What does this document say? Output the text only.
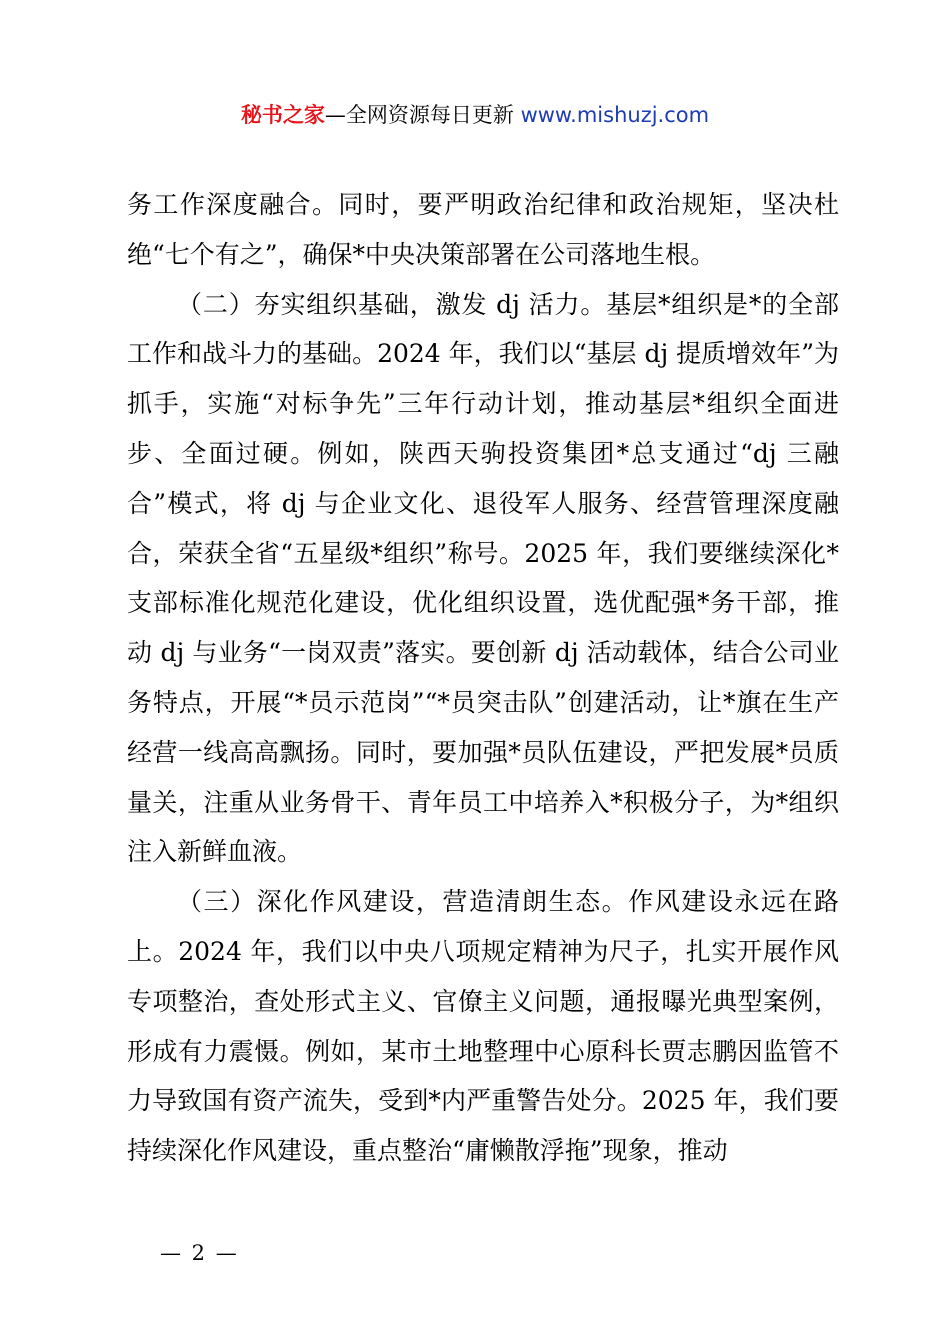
秘书之家—全网资源每日更新 www.mishuzj.com

务工作深度融合。同时，要严明政治纪律和政治规矩，坚决杜绝“七个有之”，确保*中央决策部署在公司落地生根。

（二）夯实组织基础，激发 dj 活力。基层*组织是*的全部工作和战斗力的基础。2024 年，我们以“基层 dj 提质增效年”为抓手，实施“对标争先”三年行动计划，推动基层*组织全面进步、全面过硬。例如，陕西天驹投资集团*总支通过“dj 三融合”模式，将 dj 与企业文化、退役军人服务、经营管理深度融合，荣获全省“五星级*组织”称号。2025 年，我们要继续深化*支部标准化规范化建设，优化组织设置，选优配强*务干部，推动 dj 与业务“一岗双责”落实。要创新 dj 活动载体，结合公司业务特点，开展“*员示范岗”“*员突击队”创建活动，让*旗在生产经营一线高高飘扬。同时，要加强*员队伍建设，严把发展*员质量关，注重从业务骨干、青年员工中培养入*积极分子，为*组织注入新鲜血液。

（三）深化作风建设，营造清朗生态。作风建设永远在路上。2024 年，我们以中央八项规定精神为尺子，扎实开展作风专项整治，查处形式主义、官僚主义问题，通报曝光典型案例，形成有力震慑。例如，某市土地整理中心原科长贾志鹏因监管不力导致国有资产流失，受到*内严重警告处分。2025 年，我们要持续深化作风建设，重点整治“庸懒散浮拖”现象，推动

— 2 —
